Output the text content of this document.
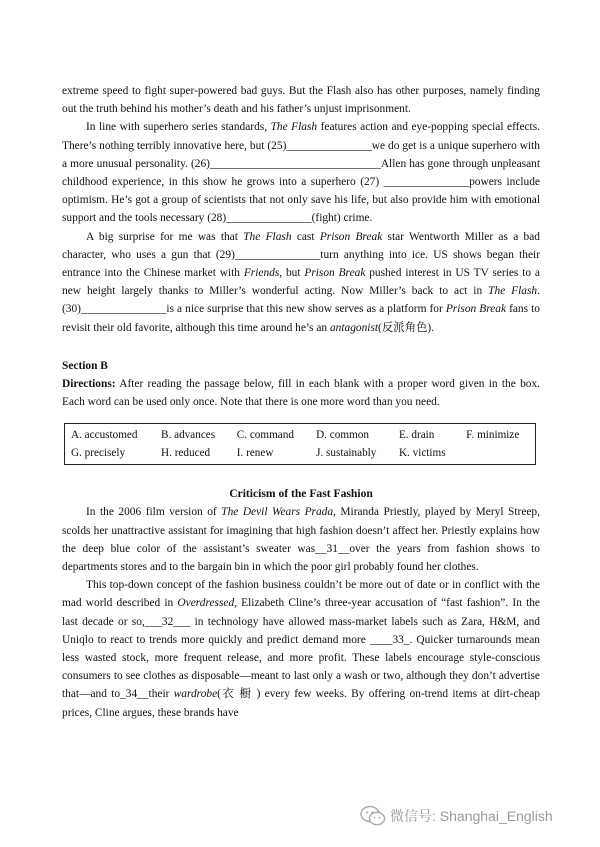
extreme speed to fight super-powered bad guys. But the Flash also has other purposes, namely finding out the truth behind his mother’s death and his father’s unjust imprisonment.

In line with superhero series standards, The Flash features action and eye-popping special effects. There’s nothing terribly innovative here, but (25)_______________we do get is a unique superhero with a more unusual personality. (26)______________________________Allen has gone through unpleasant childhood experience, in this show he grows into a superhero (27) _______________powers include optimism. He’s got a group of scientists that not only save his life, but also provide him with emotional support and the tools necessary (28)_______________(fight) crime.

A big surprise for me was that The Flash cast Prison Break star Wentworth Miller as a bad character, who uses a gun that (29)_______________turn anything into ice. US shows began their entrance into the Chinese market with Friends, but Prison Break pushed interest in US TV series to a new height largely thanks to Miller’s wonderful acting. Now Miller’s back to act in The Flash. (30)_______________is a nice surprise that this new show serves as a platform for Prison Break fans to revisit their old favorite, although this time around he’s an antagonist(反派角色).

Section B

Directions: After reading the passage below, fill in each blank with a proper word given in the box. Each word can be used only once. Note that there is one more word than you need.

A. accustomed	B. advances	C. command	D. common	E. drain	F. minimize
G. precisely	H. reduced	I. renew	J. sustainably	K. victims	
Criticism of the Fast Fashion

In the 2006 film version of The Devil Wears Prada, Miranda Priestly, played by Meryl Streep, scolds her unattractive assistant for imagining that high fashion doesn’t affect her. Priestly explains how the deep blue color of the assistant’s sweater was__31__over the years from fashion shows to departments stores and to the bargain bin in which the poor girl probably found her clothes.

This top-down concept of the fashion business couldn’t be more out of date or in conflict with the mad world described in Overdressed, Elizabeth Cline’s three-year accusation of “fast fashion”. In the last decade or so,___32___ in technology have allowed mass-market labels such as Zara, H&M, and Uniqlo to react to trends more quickly and predict demand more ____33_. Quicker turnarounds mean less wasted stock, more frequent release, and more profit. These labels encourage style-conscious consumers to see clothes as disposable—meant to last only a wash or two, although they don’t advertise that—and to_34__their wardrobe(衣 橱 ) every few weeks. By offering on-trend items at dirt-cheap prices, Cline argues, these brands have

微信号: Shanghai_English
